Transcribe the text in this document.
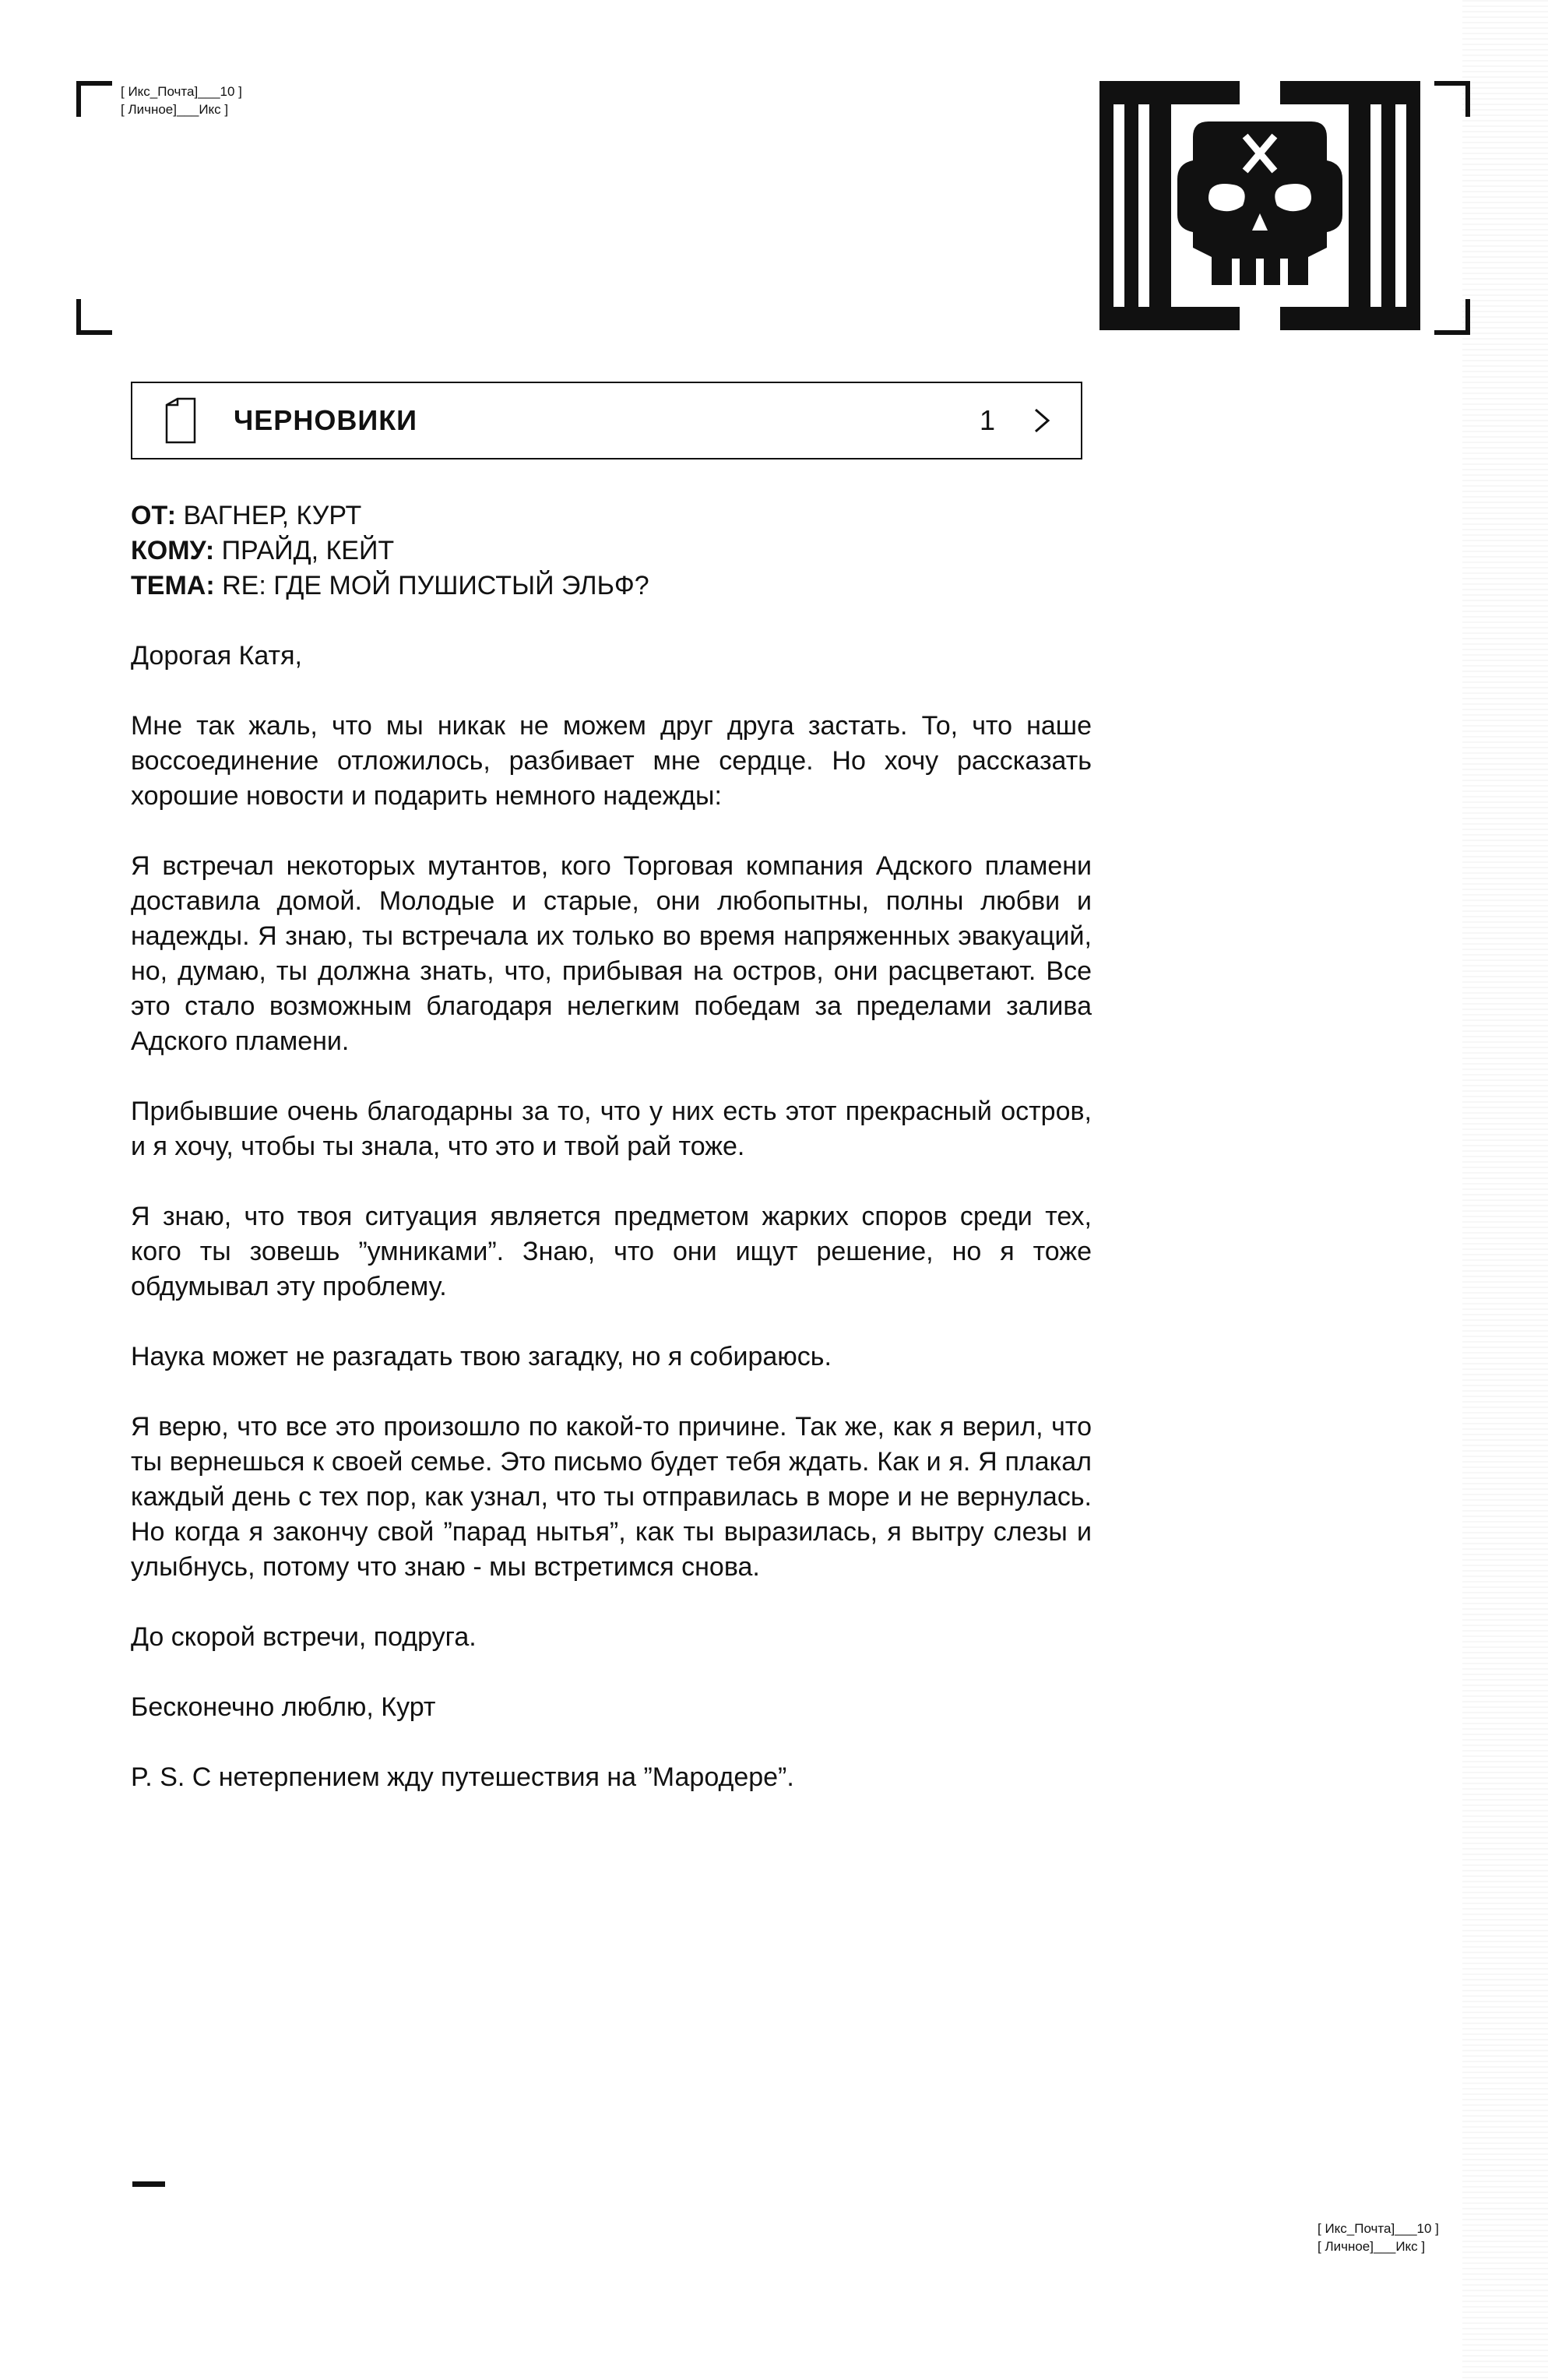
[ Икс_Почта]___10 ]
[ Личное]___Икс ]
ЧЕРНОВИКИ	1

ОТ: ВАГНЕР, КУРТ

КОМУ: ПРАЙД, КЕЙТ

ТЕМА: RE: ГДЕ МОЙ ПУШИСТЫЙ ЭЛЬФ?

Дорогая Катя,

Мне так жаль, что мы никак не можем друг друга застать. То, что наше воссоединение отложилось, разбивает мне сердце. Но хочу рассказать хорошие новости и подарить немного надежды:

Я встречал некоторых мутантов, кого Торговая компания Адского пламени доставила домой. Молодые и старые, они любопытны, полны любви и надежды. Я знаю, ты встречала их только во время напряженных эвакуаций, но, думаю, ты должна знать, что, прибывая на остров, они расцветают. Все это стало возможным благодаря нелегким победам за пределами залива Адского пламени.

Прибывшие очень благодарны за то, что у них есть этот прекрасный остров, и я хочу, чтобы ты знала, что это и твой рай тоже.

Я знаю, что твоя ситуация является предметом жарких споров среди тех, кого ты зовешь ”умниками”. Знаю, что они ищут решение, но я тоже обдумывал эту проблему.

Наука может не разгадать твою загадку, но я собираюсь.

Я верю, что все это произошло по какой-то причине. Так же, как я верил, что ты вернешься к своей семье. Это письмо будет тебя ждать. Как и я. Я плакал каждый день с тех пор, как узнал, что ты отправилась в море и не вернулась. Но когда я закончу свой ”парад нытья”, как ты выразилась, я вытру слезы и улыбнусь, потому что знаю - мы встретимся снова.

До скорой встречи, подруга.

Бесконечно люблю, Курт

P. S. С нетерпением жду путешествия на ”Мародере”.

[ Икс_Почта]___10 ]
[ Личное]___Икс ]
